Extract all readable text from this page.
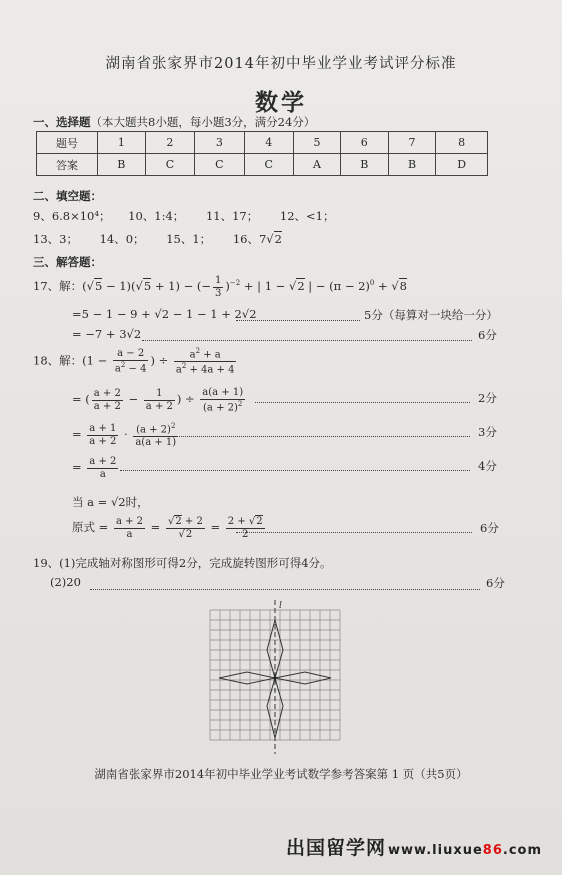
湖南省张家界市2014年初中毕业学业考试评分标准
数学
一、选择题（本大题共8小题，每小题3分，满分24分）
题号	1	2	3	4	5	6	7	8
答案	B	C	C	C	A	B	B	D
二、填空题：
9、6.8×10⁴； 10、1:4； 11、17； 12、<1；
13、3； 14、0； 15、1； 16、7√2
三、解答题：
17、解：(√5 − 1)(√5 + 1) − (− $\frac{1}{3} )^{-2}$ + | 1 − √2 | − $(\pi - 2)^0 + √8$
=5 − 1 − 9 + √2 − 1 − 1 + 2√2	5分（每算对一块给一分）
= −7 + 3√2	6分
18、解：($1 - \frac{a - 2}{a^2 - 4}$ ) ÷ $\frac{a^2 + a}{a^2 + 4a + 4}$
= ( $\frac{a + 2}{a + 2} - \frac{1}{a + 2}$ ) ÷ $\frac{a(a + 1)}{(a + 2)^2}$	2分
= $\frac{a + 1}{a + 2} \cdot \frac{(a + 2)^2}{a(a + 1)}$	3分
= $\frac{a + 2}{a}$	4分
当 a = √2时，
原式 = $\frac{a + 2}{a} = \frac{√2 + 2}{√2} = \frac{2 + √2}{2}$	6分
19、(1)完成轴对称图形可得2分，完成旋转图形可得4分。
(2)20	6分
l
湖南省张家界市2014年初中毕业学业考试数学参考答案第 1 页（共5页）
出国留学网 www.liuxue86.com
